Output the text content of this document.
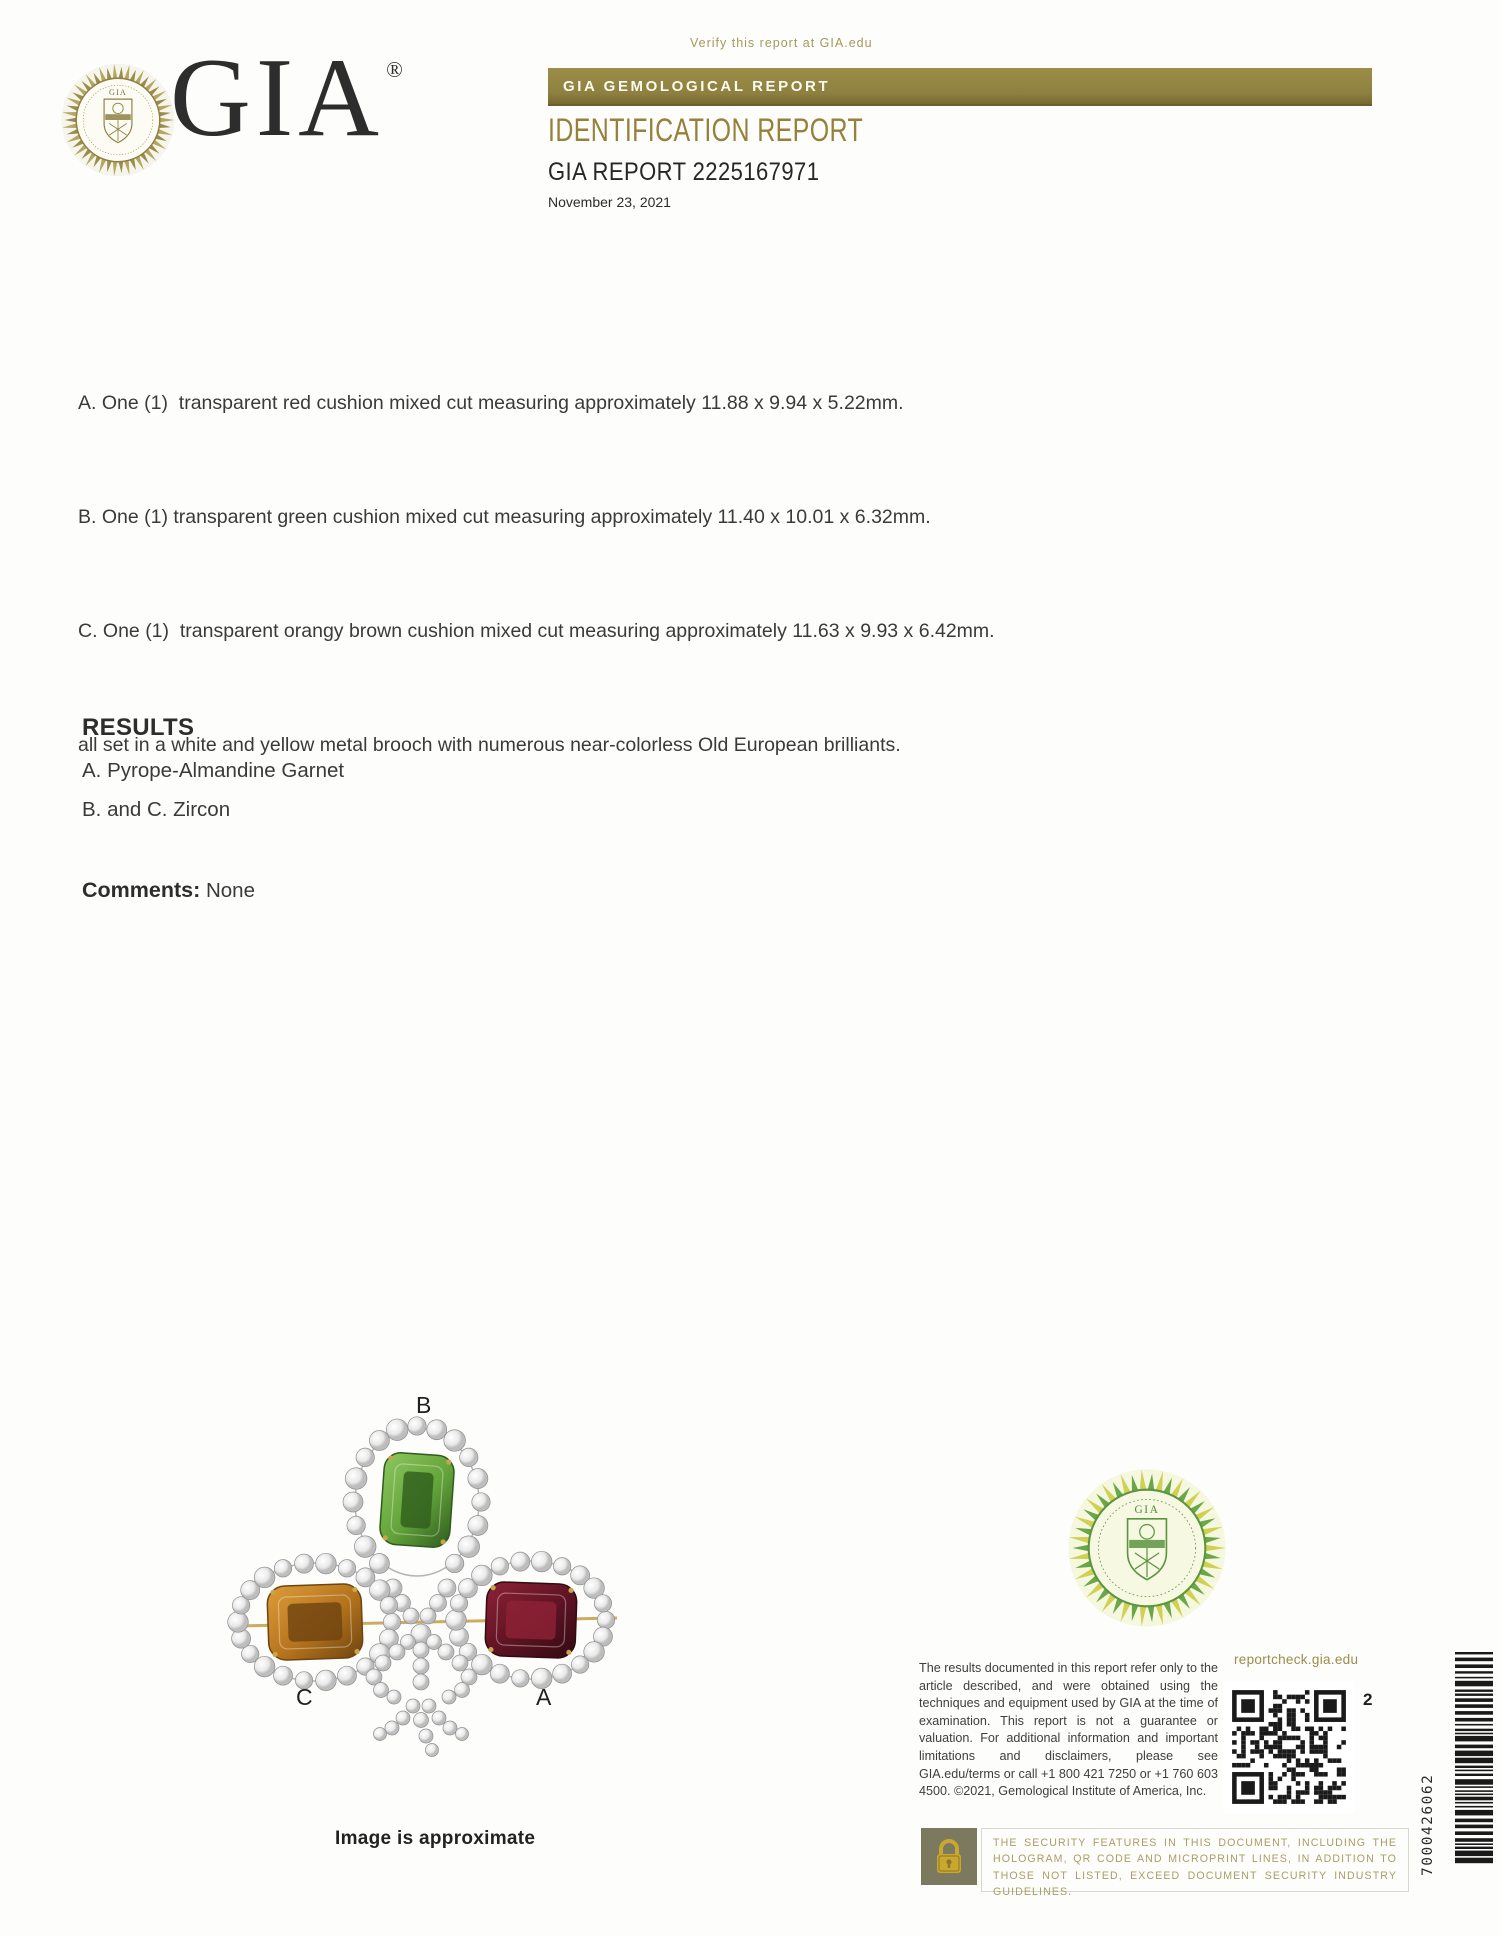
GIA GIA®
Verify this report at GIA.edu
GIA GEMOLOGICAL REPORT
IDENTIFICATION REPORT
GIA REPORT 2225167971
November 23, 2021

A. One (1)  transparent red cushion mixed cut measuring approximately 11.88 x 9.94 x 5.22mm.

B. One (1) transparent green cushion mixed cut measuring approximately 11.40 x 10.01 x 6.32mm.

C. One (1)  transparent orangy brown cushion mixed cut measuring approximately 11.63 x 9.93 x 6.42mm.

all set in a white and yellow metal brooch with numerous near-colorless Old European brilliants.

RESULTS
A. Pyrope-Almandine Garnet
B. and C. Zircon
Comments: None
B
C	A
Image is approximate
GIA
The results documented in this report refer only to the article described, and were obtained using the techniques and equipment used by GIA at the time of examination. This report is not a guarantee or valuation. For additional information and important limitations and disclaimers, please see GIA.edu/terms or call +1 800 421 7250 or +1 760 603 4500. ©2021, Gemological Institute of America, Inc.
reportcheck.gia.edu
2
7000426062
THE SECURITY FEATURES IN THIS DOCUMENT, INCLUDING THE HOLOGRAM, QR CODE AND MICROPRINT LINES, IN ADDITION TO THOSE NOT LISTED, EXCEED DOCUMENT SECURITY INDUSTRY GUIDELINES.
